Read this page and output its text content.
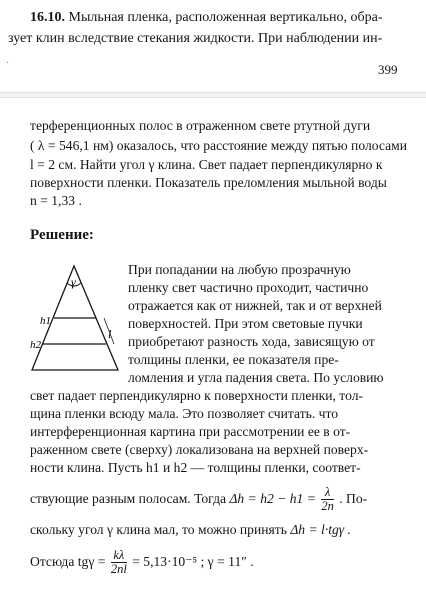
16.10. Мыльная пленка, расположенная вертикально, обра-
зует клин вследствие стекания жидкости. При наблюдении ин-
·	399
терференционных полос в отраженном свете ртутной дуги
( λ = 546,1 нм) оказалось, что расстояние между пятью полосами
l = 2 см. Найти угол γ клина. Свет падает перпендикулярно к
поверхности пленки. Показатель преломления мыльной воды
n = 1,33 .
Решение:
γ
h1
h2
l
При попадании на любую прозрачную
пленку свет частично проходит, частично
отражается как от нижней, так и от верхней
поверхностей. При этом световые пучки
приобретают разность хода, зависящую от
толщины пленки, ее показателя пре-
ломления и угла падения света. По условию
свет падает перпендикулярно к поверхности пленки, тол-
щина пленки всюду мала. Это позволяет считать. что
интерференционная картина при рассмотрении ее в от-
раженном свете (сверху) локализована на верхней поверх-
ности клина. Пусть h1 и h2 — толщины пленки, соответ-
ствующие разным полосам. Тогда $\Delta h = h2 - h1 = \frac{\lambda}{2n}$ . По-
скольку угол γ клина мал, то можно принять Δh = l·tgγ .
Отсюда $tg\gamma = \frac{k\lambda}{2nl} = 5,13\cdot 10^{-5}$ ; γ = 11″ .
